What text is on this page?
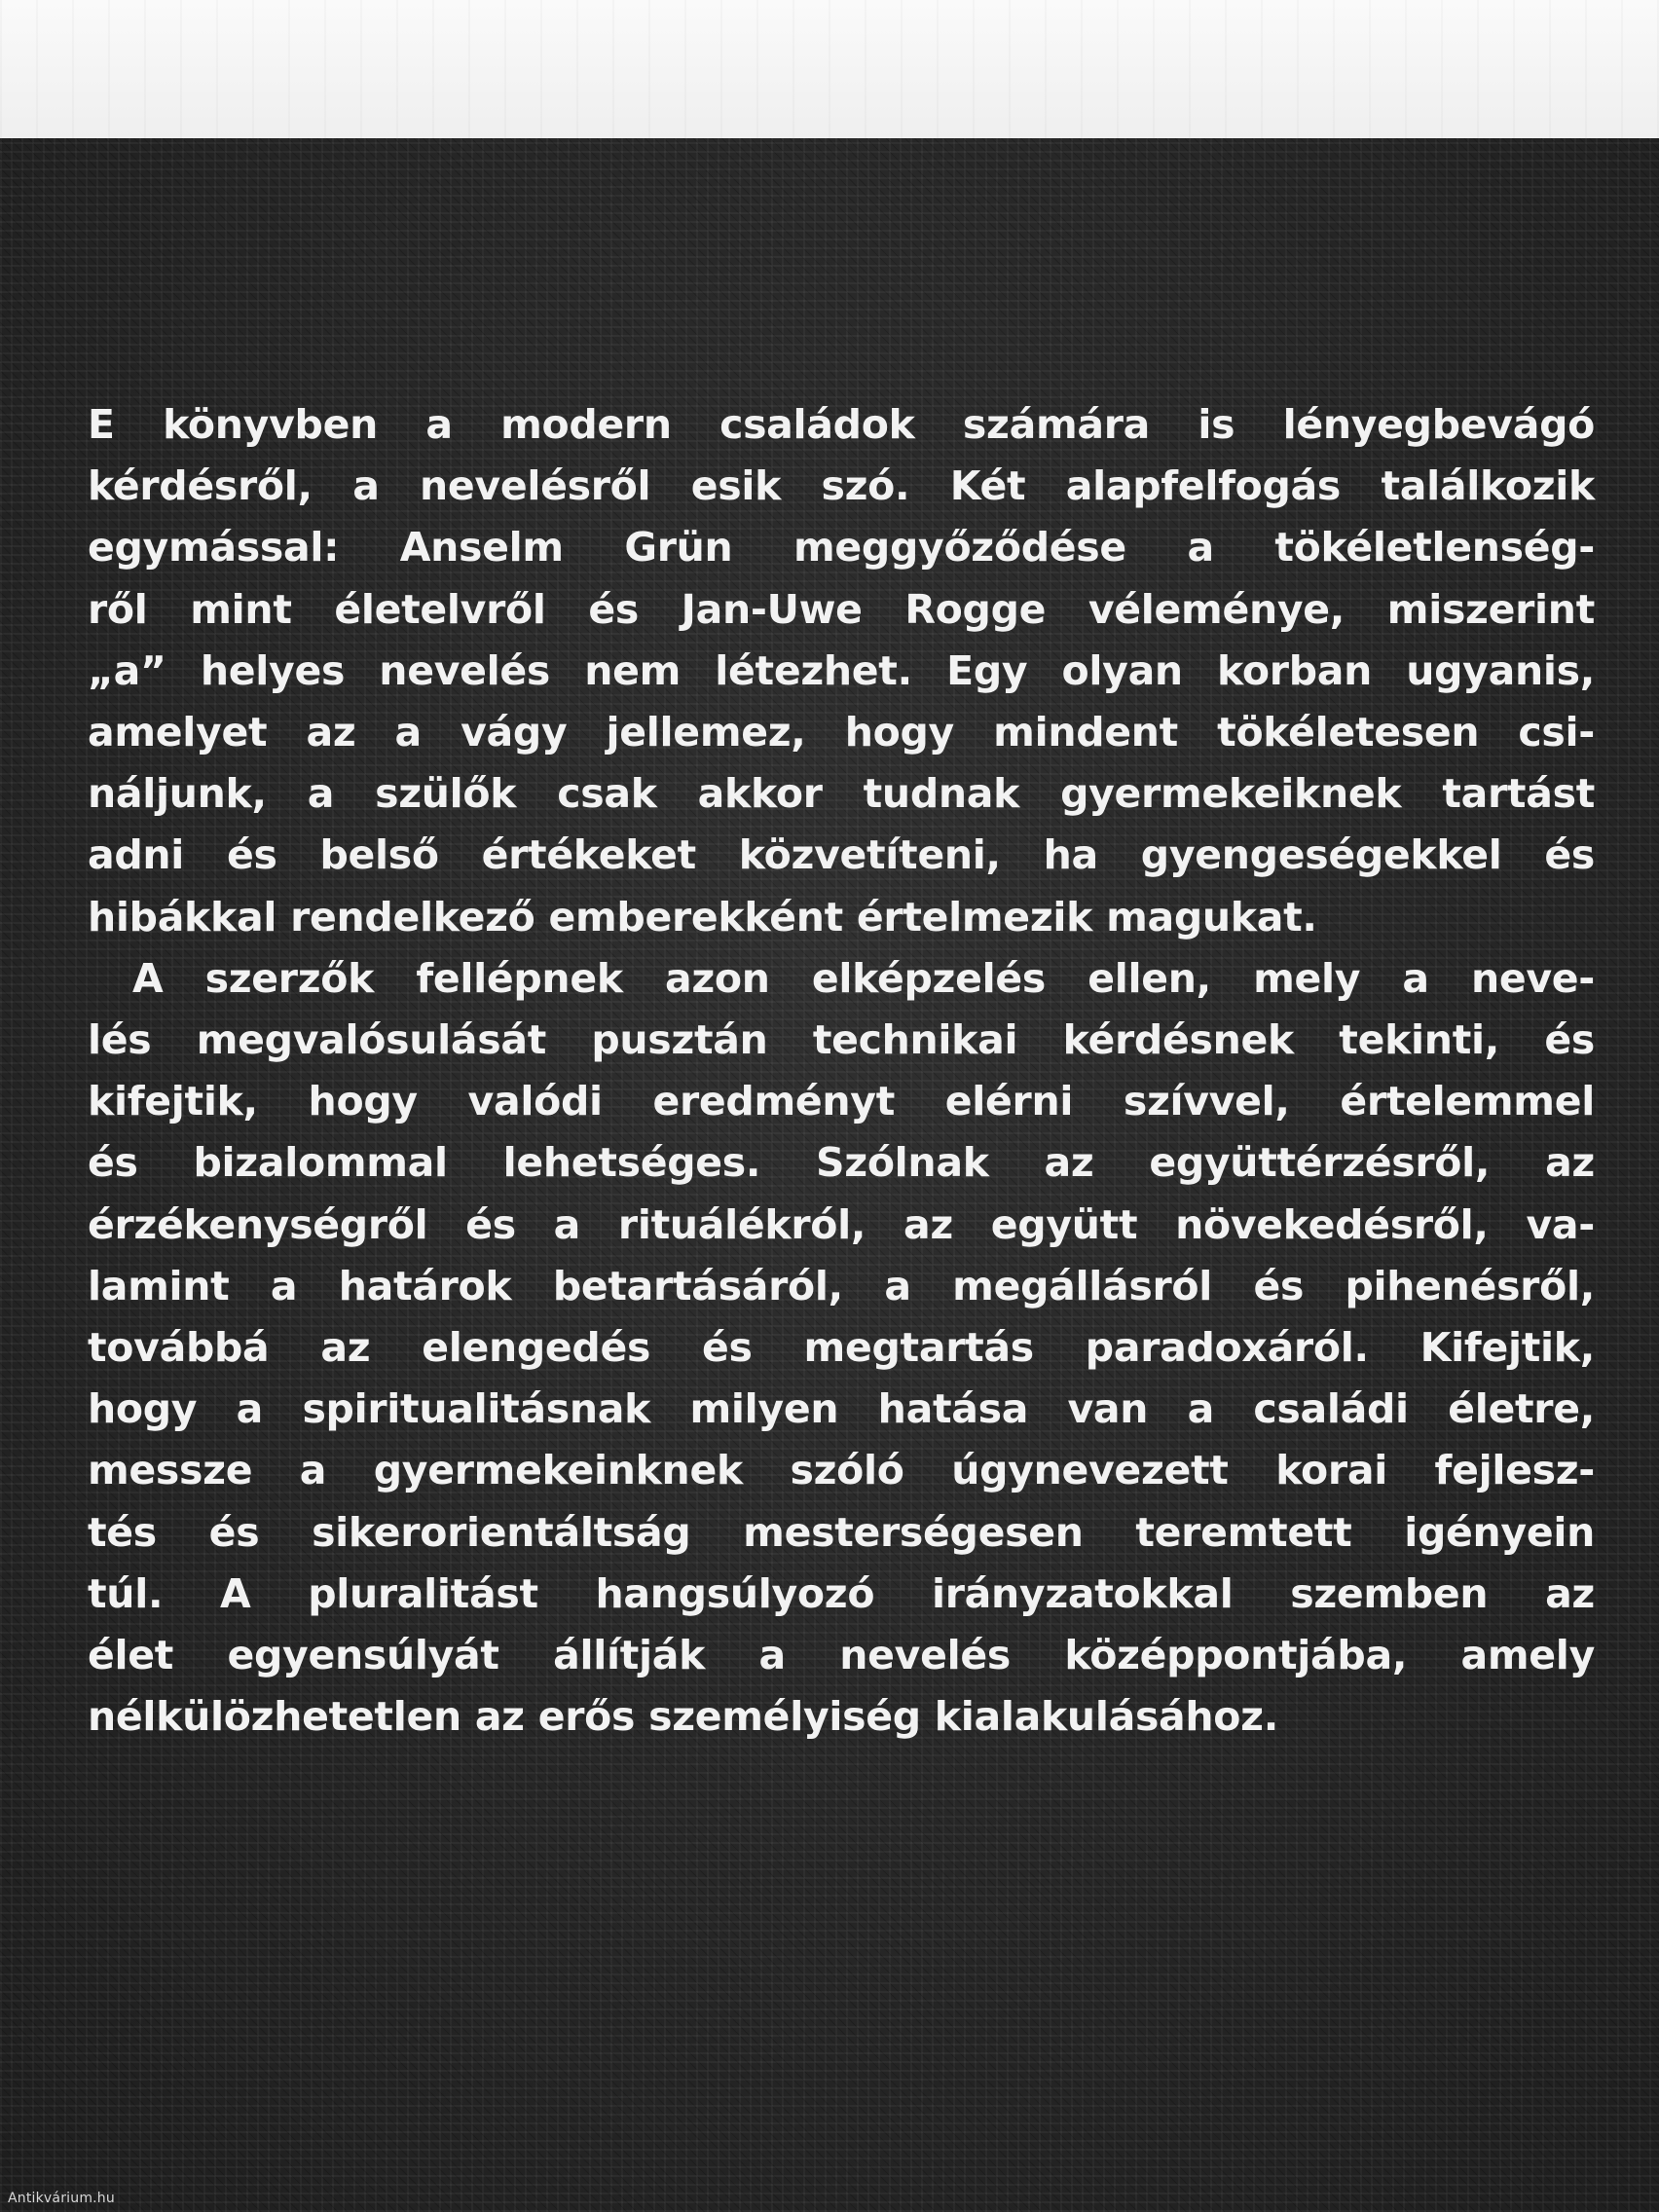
E könyvben a modern családok számára is lényegbevágó
kérdésről, a nevelésről esik szó. Két alapfelfogás találkozik
egymással: Anselm Grün meggyőződése a tökéletlenség-
ről mint életelvről és Jan-Uwe Rogge véleménye, miszerint
„a” helyes nevelés nem létezhet. Egy olyan korban ugyanis,
amelyet az a vágy jellemez, hogy mindent tökéletesen csi-
náljunk, a szülők csak akkor tudnak gyermekeiknek tartást
adni és belső értékeket közvetíteni, ha gyengeségekkel és
hibákkal rendelkező emberekként értelmezik magukat.
A szerzők fellépnek azon elképzelés ellen, mely a neve-
lés megvalósulását pusztán technikai kérdésnek tekinti, és
kifejtik, hogy valódi eredményt elérni szívvel, értelemmel
és bizalommal lehetséges. Szólnak az együttérzésről, az
érzékenységről és a rituálékról, az együtt növekedésről, va-
lamint a határok betartásáról, a megállásról és pihenésről,
továbbá az elengedés és megtartás paradoxáról. Kifejtik,
hogy a spiritualitásnak milyen hatása van a családi életre,
messze a gyermekeinknek szóló úgynevezett korai fejlesz-
tés és sikerorientáltság mesterségesen teremtett igényein
túl. A pluralitást hangsúlyozó irányzatokkal szemben az
élet egyensúlyát állítják a nevelés középpontjába, amely
nélkülözhetetlen az erős személyiség kialakulásához.
Antikvárium.hu
